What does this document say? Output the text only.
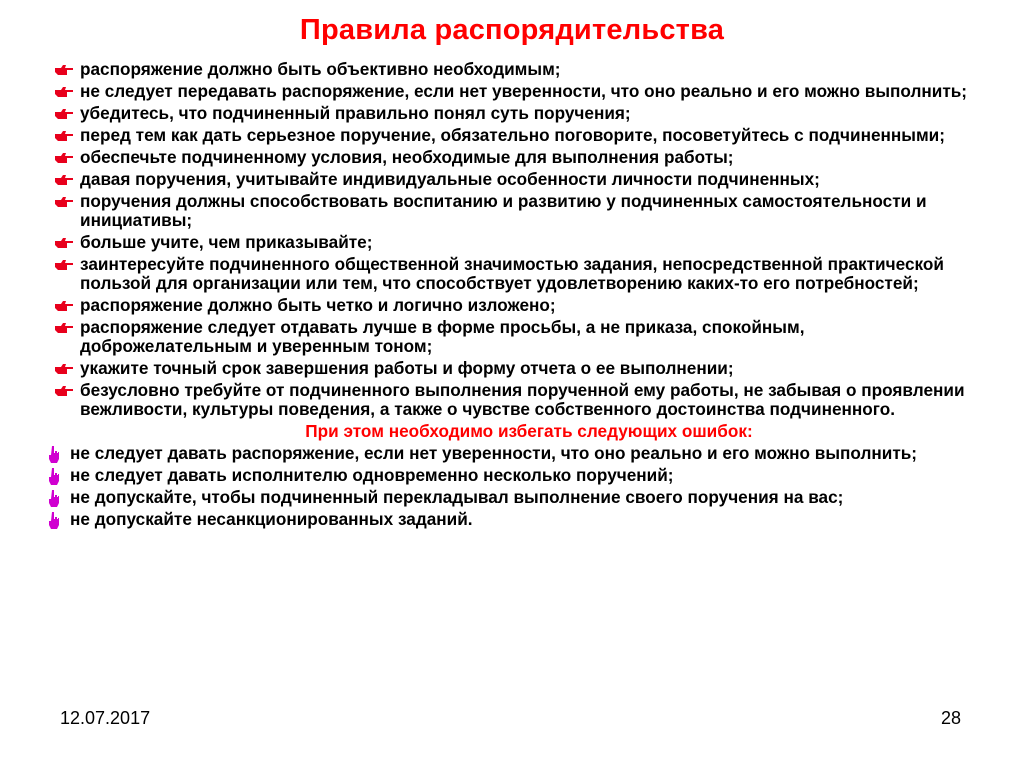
Правила распорядительства
распоряжение должно быть объективно необходимым;
не следует передавать распоряжение, если нет уверенности, что оно реально и его можно выполнить;
убедитесь, что подчиненный правильно понял суть поручения;
перед тем как дать серьезное поручение, обязательно поговорите, посоветуйтесь с подчиненными;
обеспечьте подчиненному условия, необходимые для выполнения работы;
давая поручения, учитывайте индивидуальные особенности личности подчиненных;
поручения должны способствовать воспитанию и развитию у подчиненных самостоятельности и инициативы;
больше учите, чем приказывайте;
заинтересуйте подчиненного общественной значимостью задания, непосредственной практической пользой для организации или тем, что способствует удовлетворению каких-то его потребностей;
распоряжение должно быть четко и логично изложено;
распоряжение следует отдавать лучше в форме просьбы, а не приказа, спокойным, доброжелательным и уверенным тоном;
укажите точный срок завершения работы и форму отчета о ее выполнении;
безусловно требуйте от подчиненного выполнения порученной ему работы, не забывая о проявлении вежливости, культуры поведения, а также о чувстве собственного достоинства подчиненного.
При этом необходимо избегать следующих ошибок:
не следует давать распоряжение, если нет уверенности, что оно реально и его можно выполнить;
не следует давать исполнителю одновременно несколько поручений;
не допускайте, чтобы подчиненный перекладывал выполнение своего поручения на вас;
не допускайте несанкционированных заданий.
12.07.2017	28
